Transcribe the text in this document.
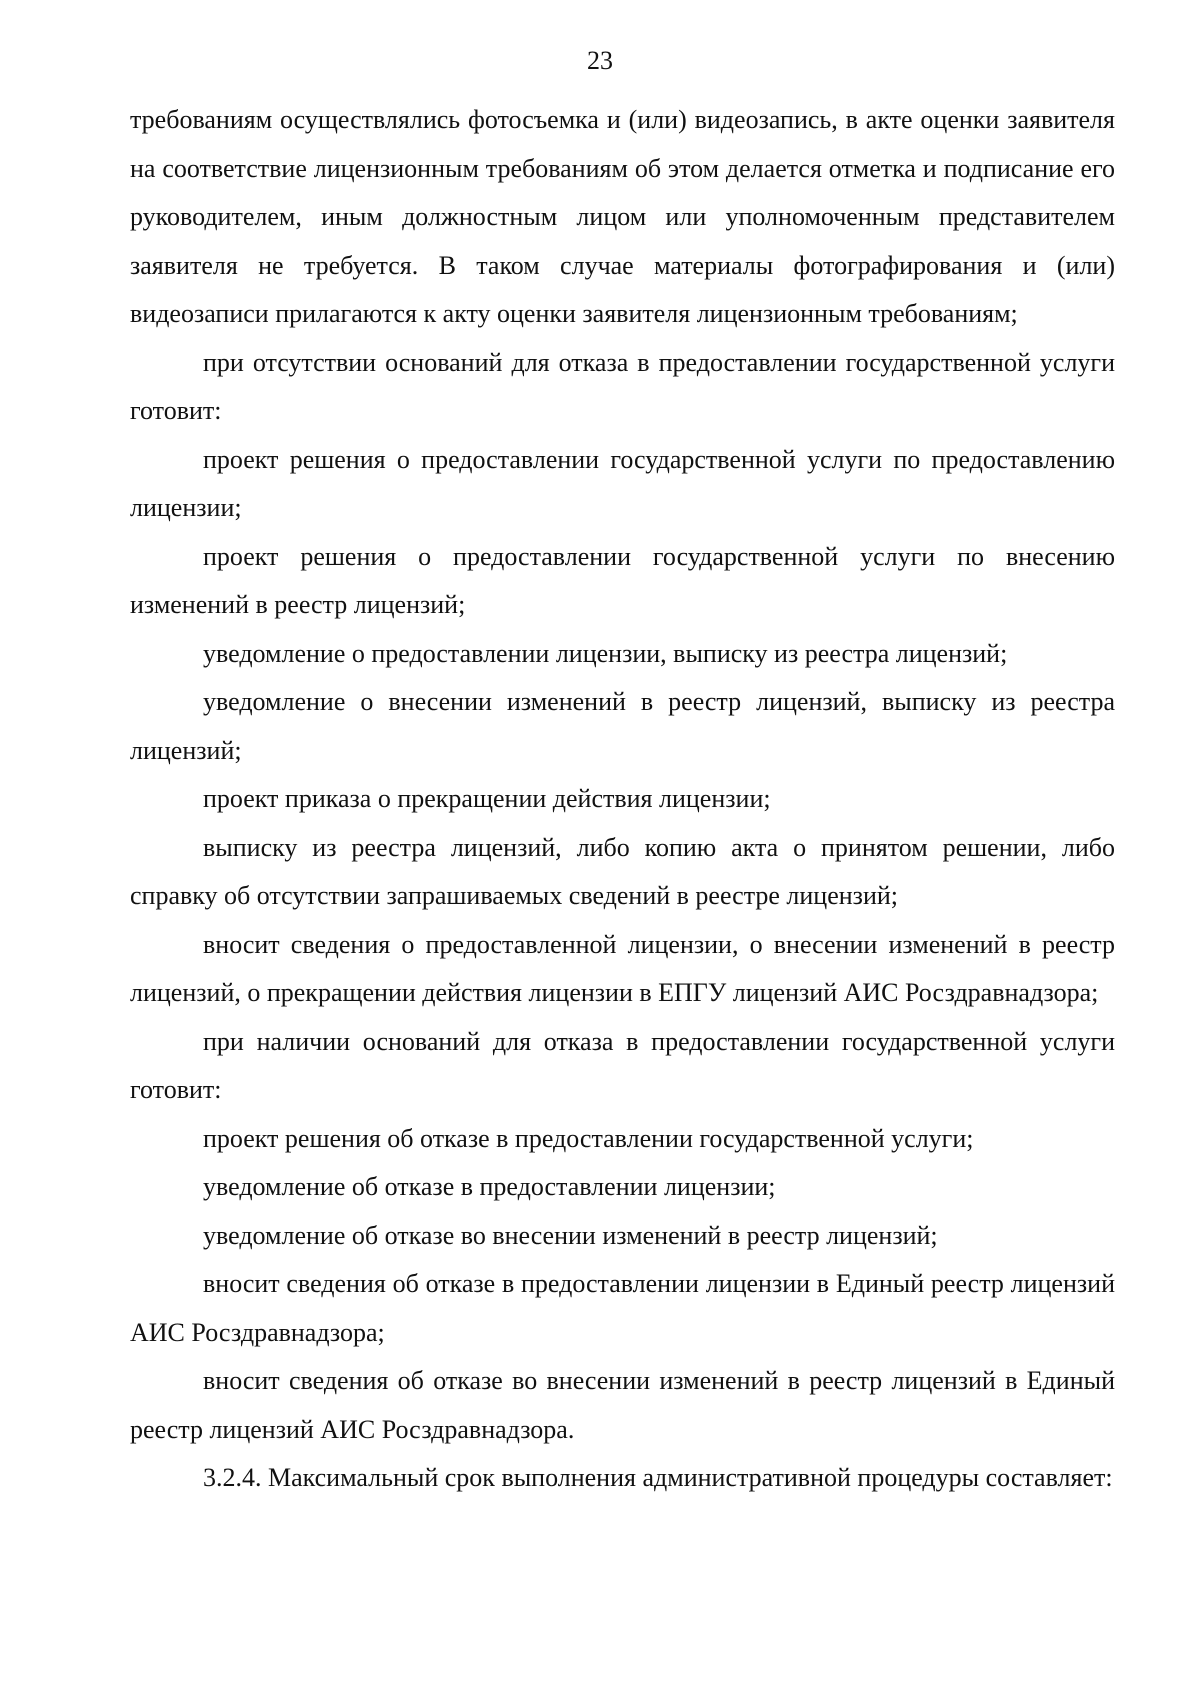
23

требованиям осуществлялись фотосъемка и (или) видеозапись, в акте оценки заявителя на соответствие лицензионным требованиям об этом делается отметка и подписание его руководителем, иным должностным лицом или уполномоченным представителем заявителя не требуется. В таком случае материалы фотографирования и (или) видеозаписи прилагаются к акту оценки заявителя лицензионным требованиям;

при отсутствии оснований для отказа в предоставлении государственной услуги готовит:

проект решения о предоставлении государственной услуги по предоставлению лицензии;

проект решения о предоставлении государственной услуги по внесению изменений в реестр лицензий;

уведомление о предоставлении лицензии, выписку из реестра лицензий;

уведомление о внесении изменений в реестр лицензий, выписку из реестра лицензий;

проект приказа о прекращении действия лицензии;

выписку из реестра лицензий, либо копию акта о принятом решении, либо справку об отсутствии запрашиваемых сведений в реестре лицензий;

вносит сведения о предоставленной лицензии, о внесении изменений в реестр лицензий, о прекращении действия лицензии в ЕПГУ лицензий АИС Росздравнадзора;

при наличии оснований для отказа в предоставлении государственной услуги готовит:

проект решения об отказе в предоставлении государственной услуги;

уведомление об отказе в предоставлении лицензии;

уведомление об отказе во внесении изменений в реестр лицензий;

вносит сведения об отказе в предоставлении лицензии в Единый реестр лицензий АИС Росздравнадзора;

вносит сведения об отказе во внесении изменений в реестр лицензий в Единый реестр лицензий АИС Росздравнадзора.

3.2.4. Максимальный срок выполнения административной процедуры составляет:
